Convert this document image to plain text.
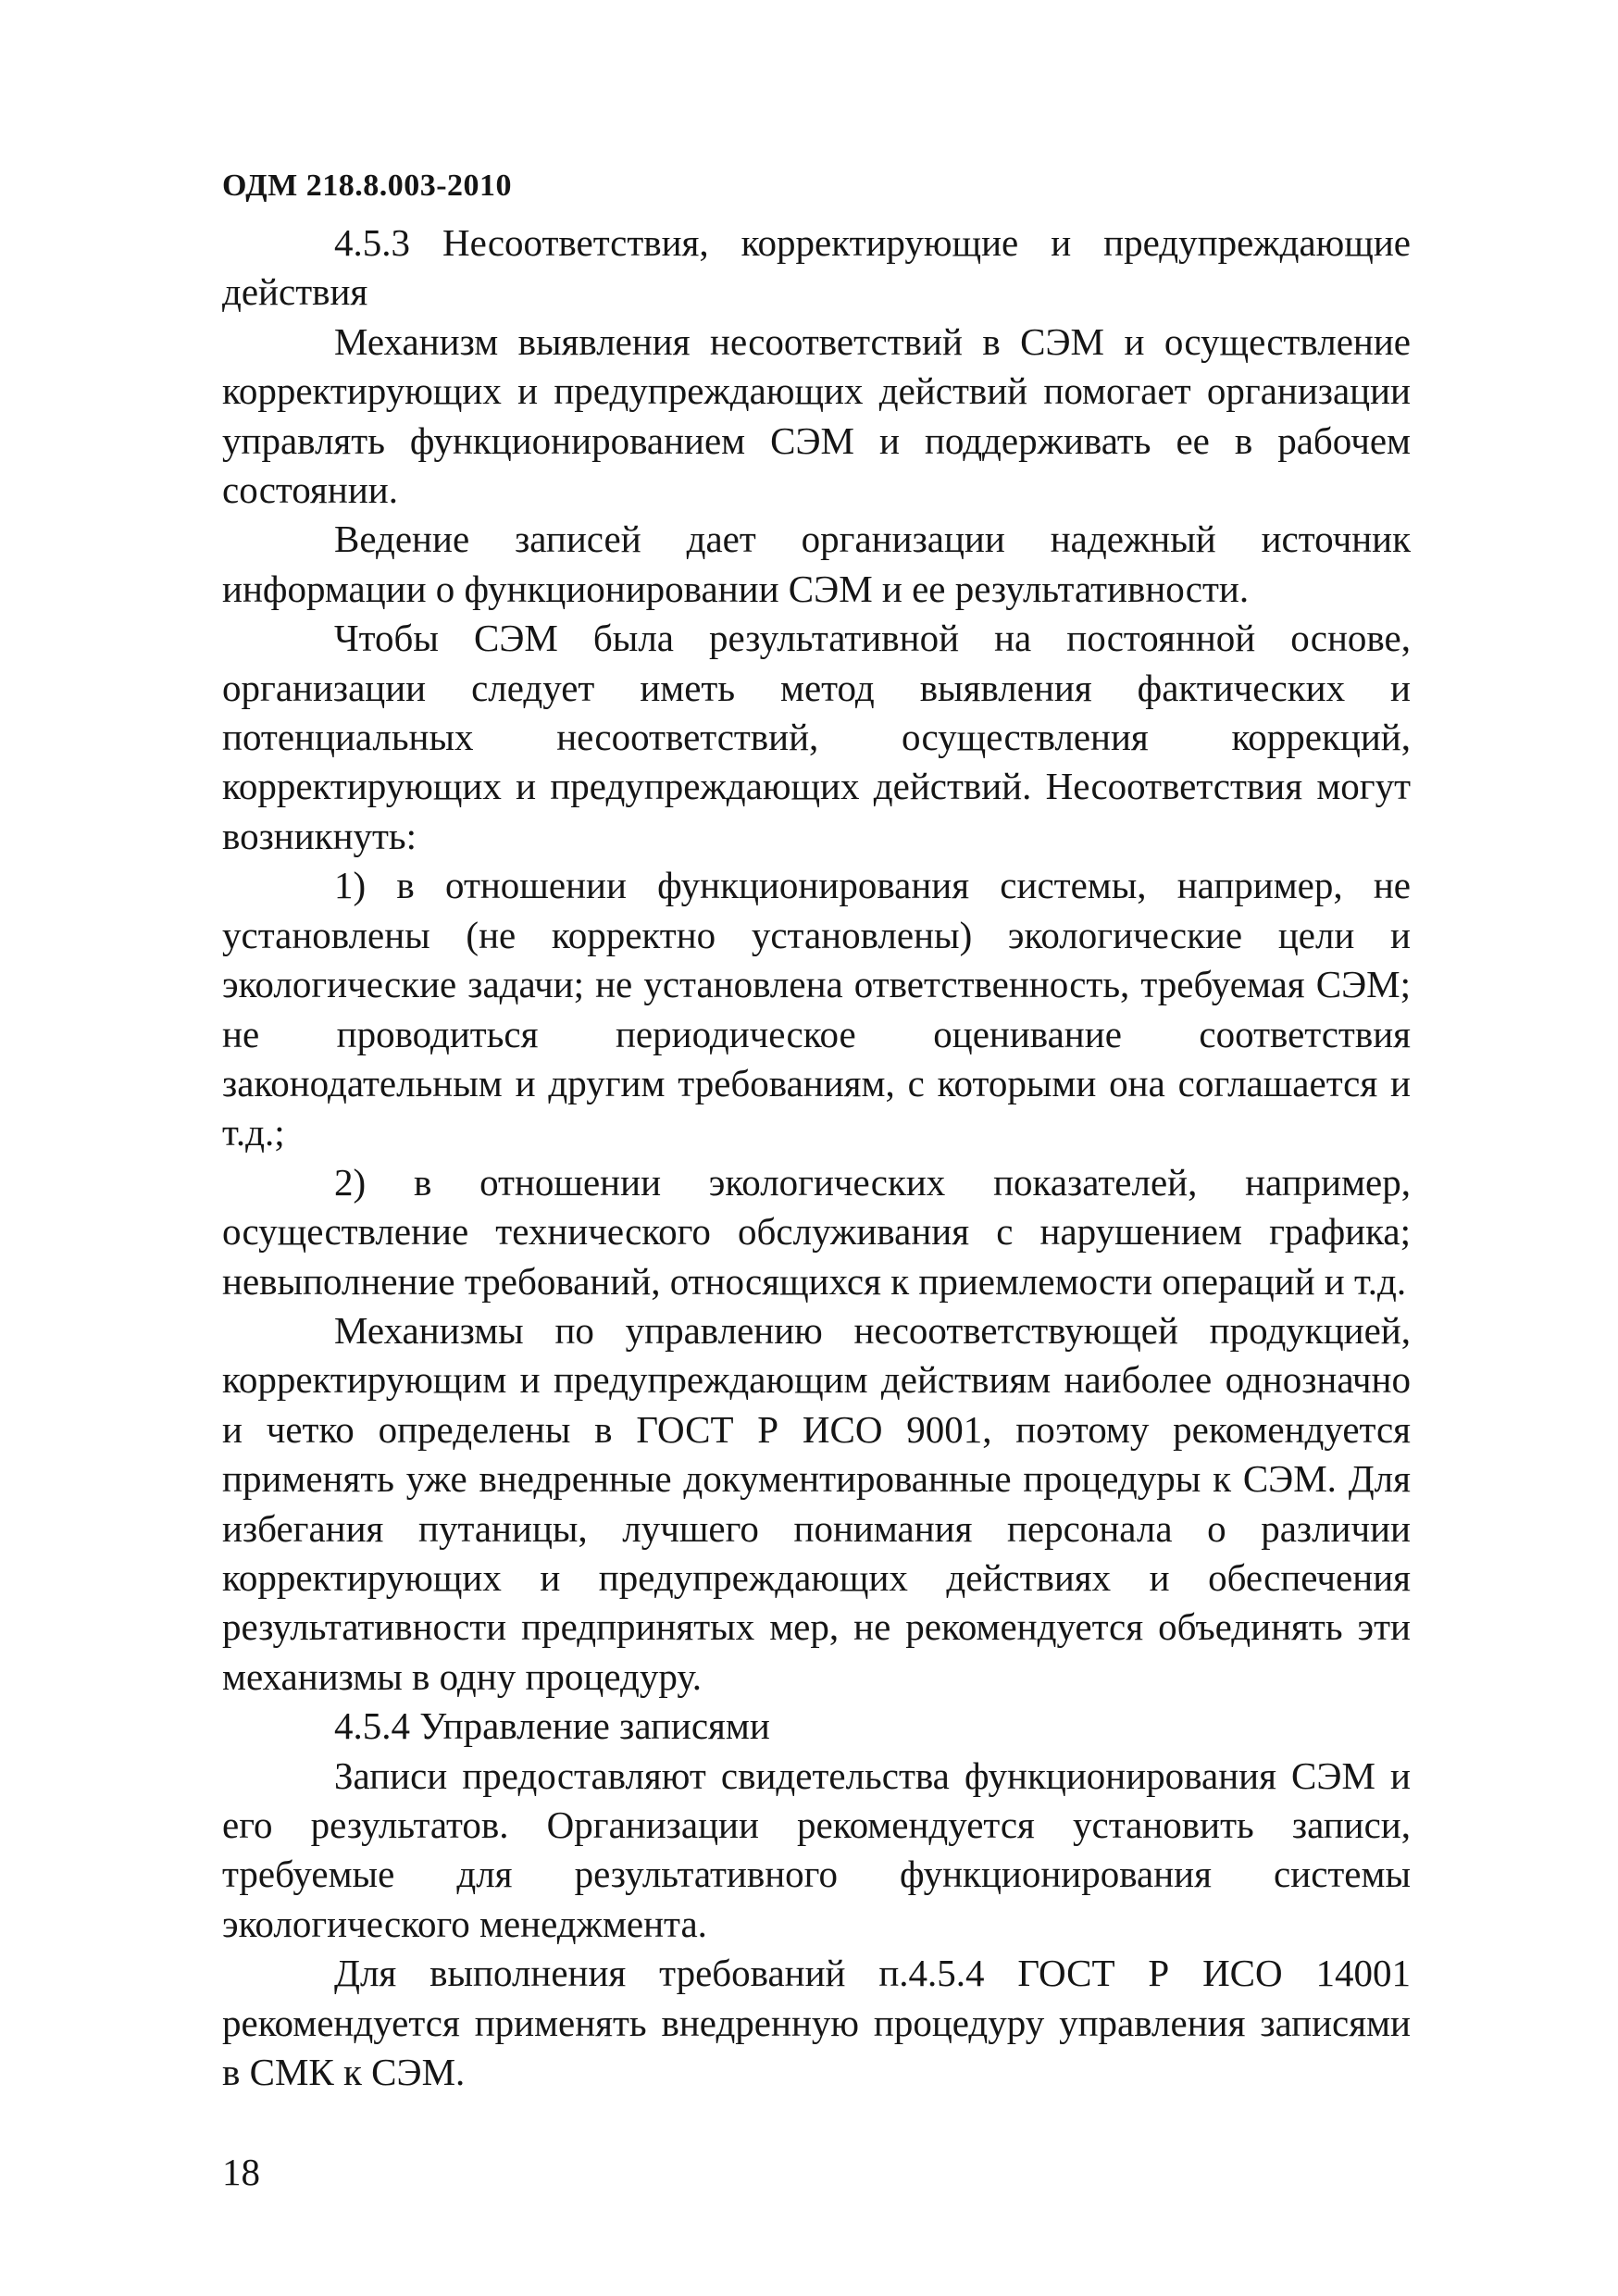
ОДМ 218.8.003-2010

4.5.3 Несоответствия, корректирующие и предупреждающие действия

Механизм выявления несоответствий в СЭМ и осуществление корректирующих и предупреждающих действий помогает организации управлять функционированием СЭМ и поддерживать ее в рабочем состоянии.

Ведение записей дает организации надежный источник информации о функционировании СЭМ и ее результативности.

Чтобы СЭМ была результативной на постоянной основе, организации следует иметь метод выявления фактических и потенциальных несоответствий, осуществления коррекций, корректирующих и предупреждающих действий. Несоответствия могут возникнуть:

1) в отношении функционирования системы, например, не установлены (не корректно установлены) экологические цели и экологические задачи; не установлена ответственность, требуемая СЭМ; не проводиться периодическое оценивание соответствия законодательным и другим требованиям, с которыми она соглашается и т.д.;

2) в отношении экологических показателей, например, осуществление технического обслуживания с нарушением графика; невыполнение требований, относящихся к приемлемости операций и т.д.

Механизмы по управлению несоответствующей продукцией, корректирующим и предупреждающим действиям наиболее однозначно и четко определены в ГОСТ Р ИСО 9001, поэтому рекомендуется применять уже внедренные документированные процедуры к СЭМ. Для избегания путаницы, лучшего понимания персонала о различии корректирующих и предупреждающих действиях и обеспечения результативности предпринятых мер, не рекомендуется объединять эти механизмы в одну процедуру.

4.5.4 Управление записями

Записи предоставляют свидетельства функционирования СЭМ и его результатов. Организации рекомендуется установить записи, требуемые для результативного функционирования системы экологического менеджмента.

Для выполнения требований п.4.5.4 ГОСТ Р ИСО 14001 рекомендуется применять внедренную процедуру управления записями в СМК к СЭМ.

18
